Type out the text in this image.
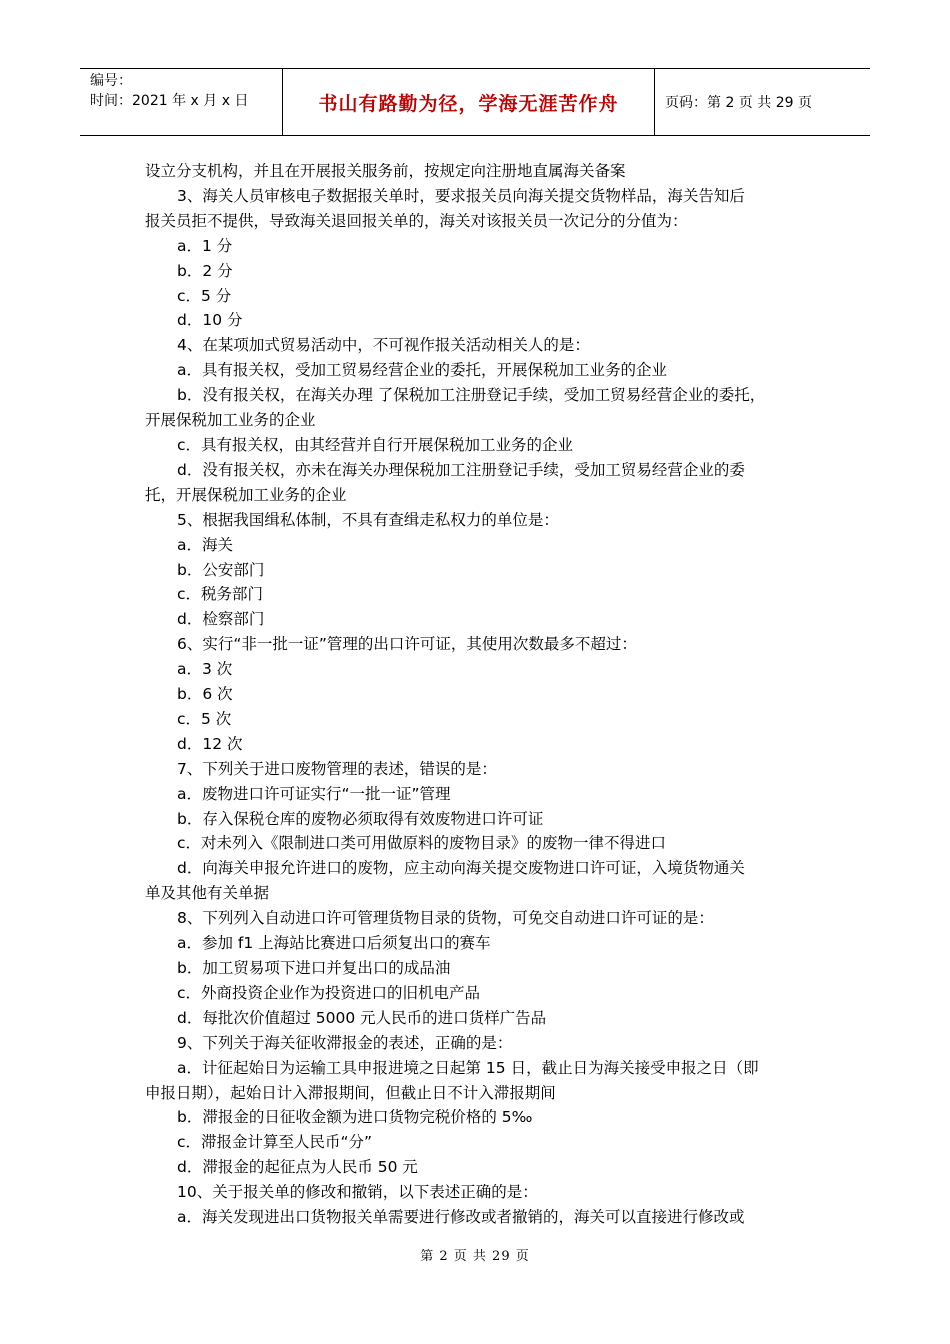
编号：
时间：2021 年 x 月 x 日	书山有路勤为径，学海无涯苦作舟	页码：第 2 页 共 29 页
设立分支机构，并且在开展报关服务前，按规定向注册地直属海关备案
3、海关人员审核电子数据报关单时，要求报关员向海关提交货物样品，海关告知后
报关员拒不提供，导致海关退回报关单的，海关对该报关员一次记分的分值为：
a．1 分
b．2 分
c．5 分
d．10 分
4、在某项加式贸易活动中，不可视作报关活动相关人的是：
a．具有报关权，受加工贸易经营企业的委托，开展保税加工业务的企业
b．没有报关权，在海关办理 了保税加工注册登记手续，受加工贸易经营企业的委托，
开展保税加工业务的企业
c．具有报关权，由其经营并自行开展保税加工业务的企业
d．没有报关权，亦未在海关办理保税加工注册登记手续，受加工贸易经营企业的委
托，开展保税加工业务的企业
5、根据我国缉私体制，不具有查缉走私权力的单位是：
a．海关
b．公安部门
c．税务部门
d．检察部门
6、实行“非一批一证”管理的出口许可证，其使用次数最多不超过：
a．3 次
b．6 次
c．5 次
d．12 次
7、下列关于进口废物管理的表述，错误的是：
a．废物进口许可证实行“一批一证”管理
b．存入保税仓库的废物必须取得有效废物进口许可证
c．对未列入《限制进口类可用做原料的废物目录》的废物一律不得进口
d．向海关申报允许进口的废物，应主动向海关提交废物进口许可证，入境货物通关
单及其他有关单据
8、下列列入自动进口许可管理货物目录的货物，可免交自动进口许可证的是：
a．参加 f1 上海站比赛进口后须复出口的赛车
b．加工贸易项下进口并复出口的成品油
c．外商投资企业作为投资进口的旧机电产品
d．每批次价值超过 5000 元人民币的进口货样广告品
9、下列关于海关征收滞报金的表述，正确的是：
a．计征起始日为运输工具申报进境之日起第 15 日，截止日为海关接受申报之日（即
申报日期），起始日计入滞报期间，但截止日不计入滞报期间
b．滞报金的日征收金额为进口货物完税价格的 5‰
c．滞报金计算至人民币“分”
d．滞报金的起征点为人民币 50 元
10、关于报关单的修改和撤销，以下表述正确的是：
a．海关发现进出口货物报关单需要进行修改或者撤销的，海关可以直接进行修改或
第 2 页 共 29 页
